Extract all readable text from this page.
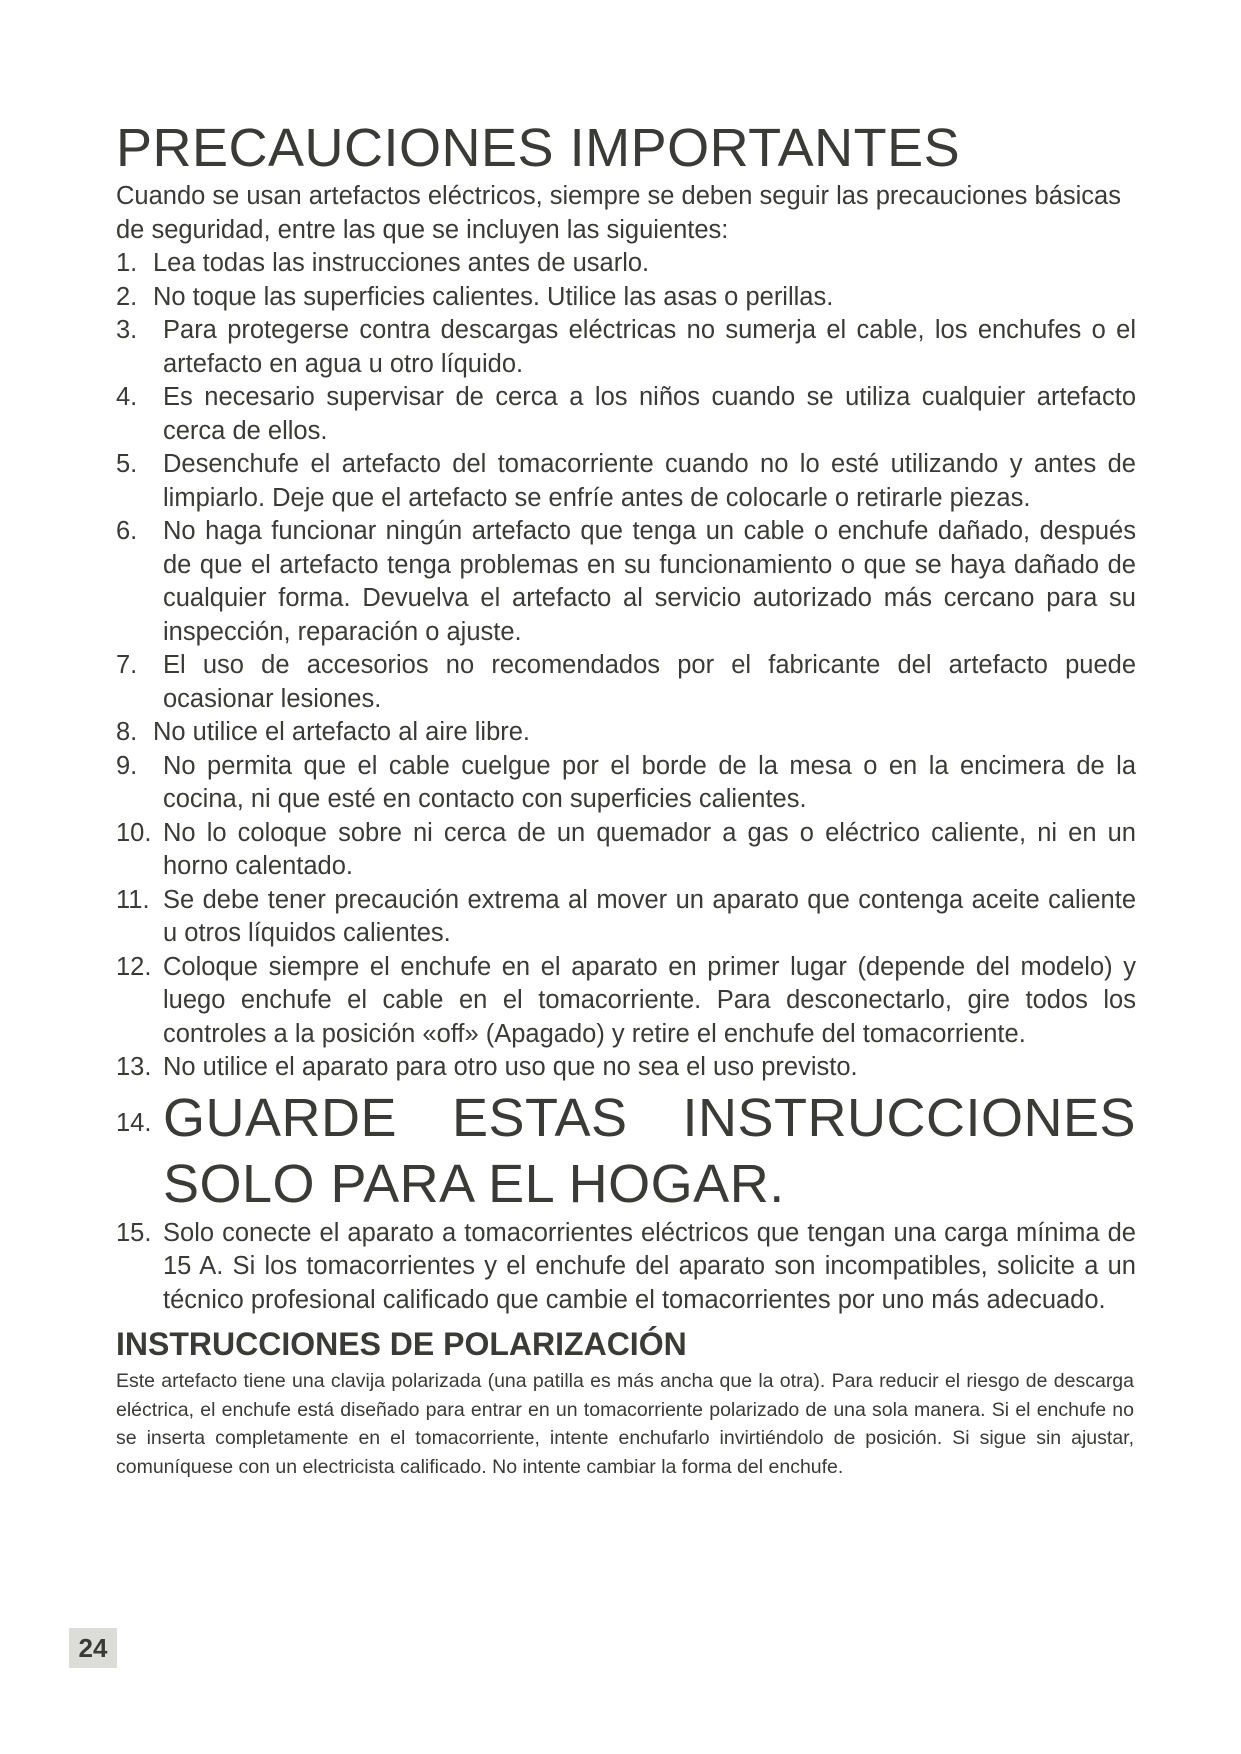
PRECAUCIONES IMPORTANTES

Cuando se usan artefactos eléctricos, siempre se deben seguir las precauciones básicas de seguridad, entre las que se incluyen las siguientes:

1. Lea todas las instrucciones antes de usarlo.
2. No toque las superficies calientes. Utilice las asas o perillas.
3. Para protegerse contra descargas eléctricas no sumerja el cable, los enchufes o el artefacto en agua u otro líquido.
4. Es necesario supervisar de cerca a los niños cuando se utiliza cualquier artefacto cerca de ellos.
5. Desenchufe el artefacto del tomacorriente cuando no lo esté utilizando y antes de limpiarlo. Deje que el artefacto se enfríe antes de colocarle o retirarle piezas.
6. No haga funcionar ningún artefacto que tenga un cable o enchufe dañado, después de que el artefacto tenga problemas en su funcionamiento o que se haya dañado de cualquier forma. Devuelva el artefacto al servicio autorizado más cercano para su inspección, reparación o ajuste.
7. El uso de accesorios no recomendados por el fabricante del artefacto puede ocasionar lesiones.
8. No utilice el artefacto al aire libre.
9. No permita que el cable cuelgue por el borde de la mesa o en la encimera de la cocina, ni que esté en contacto con superficies calientes.
10. No lo coloque sobre ni cerca de un quemador a gas o eléctrico caliente, ni en un horno calentado.
11. Se debe tener precaución extrema al mover un aparato que contenga aceite caliente u otros líquidos calientes.
12. Coloque siempre el enchufe en el aparato en primer lugar (depende del modelo) y luego enchufe el cable en el tomacorriente. Para desconectarlo, gire todos los controles a la posición «off» (Apagado) y retire el enchufe del tomacorriente.
13. No utilice el aparato para otro uso que no sea el uso previsto.
14. GUARDE ESTAS INSTRUCCIONES
SOLO PARA EL HOGAR.
15. Solo conecte el aparato a tomacorrientes eléctricos que tengan una carga mínima de 15 A. Si los tomacorrientes y el enchufe del aparato son incompatibles, solicite a un técnico profesional calificado que cambie el tomacorrientes por uno más adecuado.
INSTRUCCIONES DE POLARIZACIÓN

Este artefacto tiene una clavija polarizada (una patilla es más ancha que la otra). Para reducir el riesgo de descarga eléctrica, el enchufe está diseñado para entrar en un tomacorriente polarizado de una sola manera. Si el enchufe no se inserta completamente en el tomacorriente, intente enchufarlo invirtiéndolo de posición. Si sigue sin ajustar, comuníquese con un electricista calificado. No intente cambiar la forma del enchufe.

24
